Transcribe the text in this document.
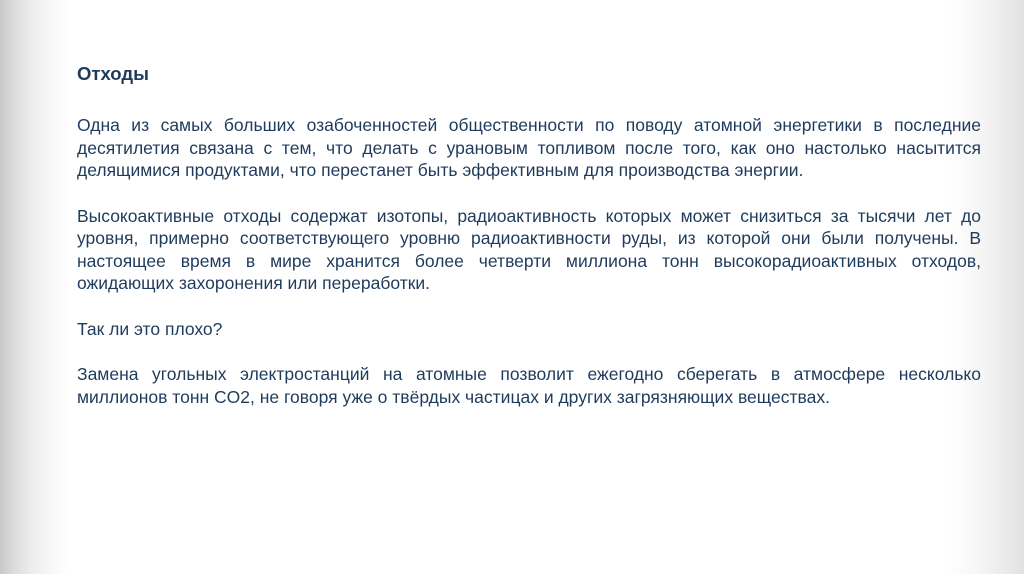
Отходы

Одна из самых больших озабоченностей общественности по поводу атомной энергетики в последние десятилетия связана с тем, что делать с урановым топливом после того, как оно настолько насытится делящимися продуктами, что перестанет быть эффективным для производства энергии.

Высокоактивные отходы содержат изотопы, радиоактивность которых может снизиться за тысячи лет до уровня, примерно соответствующего уровню радиоактивности руды, из которой они были получены. В настоящее время в мире хранится более четверти миллиона тонн высокорадиоактивных отходов, ожидающих захоронения или переработки.

Так ли это плохо?

Замена угольных электростанций на атомные позволит ежегодно сберегать в атмосфере несколько миллионов тонн CO2, не говоря уже о твёрдых частицах и других загрязняющих веществах.
